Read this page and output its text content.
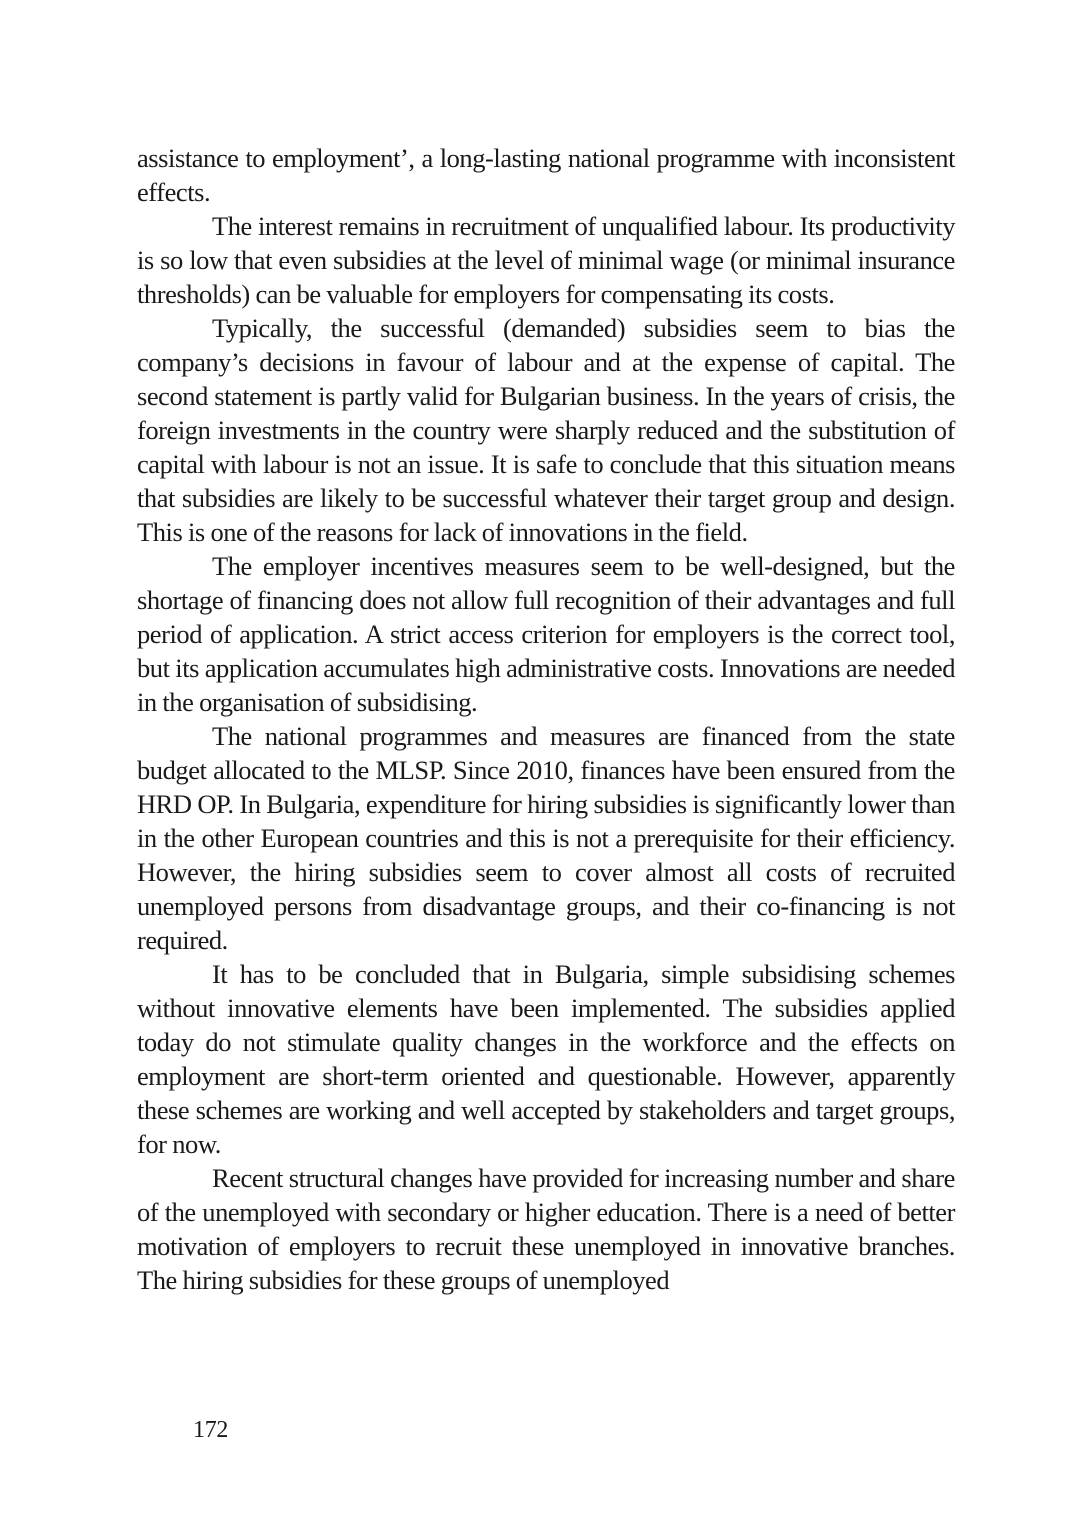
assistance to employment’, a long-lasting national programme with inconsistent effects.

The interest remains in recruitment of unqualified labour. Its productivity is so low that even subsidies at the level of minimal wage (or minimal insurance thresholds) can be valuable for employers for compensating its costs.

Typically, the successful (demanded) subsidies seem to bias the company’s decisions in favour of labour and at the expense of capital. The second statement is partly valid for Bulgarian business. In the years of crisis, the foreign investments in the country were sharply reduced and the substitution of capital with labour is not an issue. It is safe to conclude that this situation means that subsidies are likely to be successful whatever their target group and design. This is one of the reasons for lack of innovations in the field.

The employer incentives measures seem to be well-designed, but the shortage of financing does not allow full recognition of their advantages and full period of application. A strict access criterion for employers is the correct tool, but its application accumulates high administrative costs. Innovations are needed in the organisation of subsidising.

The national programmes and measures are financed from the state budget allocated to the MLSP. Since 2010, finances have been ensured from the HRD OP. In Bulgaria, expenditure for hiring subsidies is significantly lower than in the other European countries and this is not a prerequisite for their efficiency. However, the hiring subsidies seem to cover almost all costs of recruited unemployed persons from disadvantage groups, and their co-financing is not required.

It has to be concluded that in Bulgaria, simple subsidising schemes without innovative elements have been implemented. The subsidies applied today do not stimulate quality changes in the workforce and the effects on employment are short-term oriented and questionable. However, apparently these schemes are working and well accepted by stakeholders and target groups, for now.

Recent structural changes have provided for increasing number and share of the unemployed with secondary or higher education. There is a need of better motivation of employers to recruit these unemployed in innovative branches. The hiring subsidies for these groups of unemployed

172
